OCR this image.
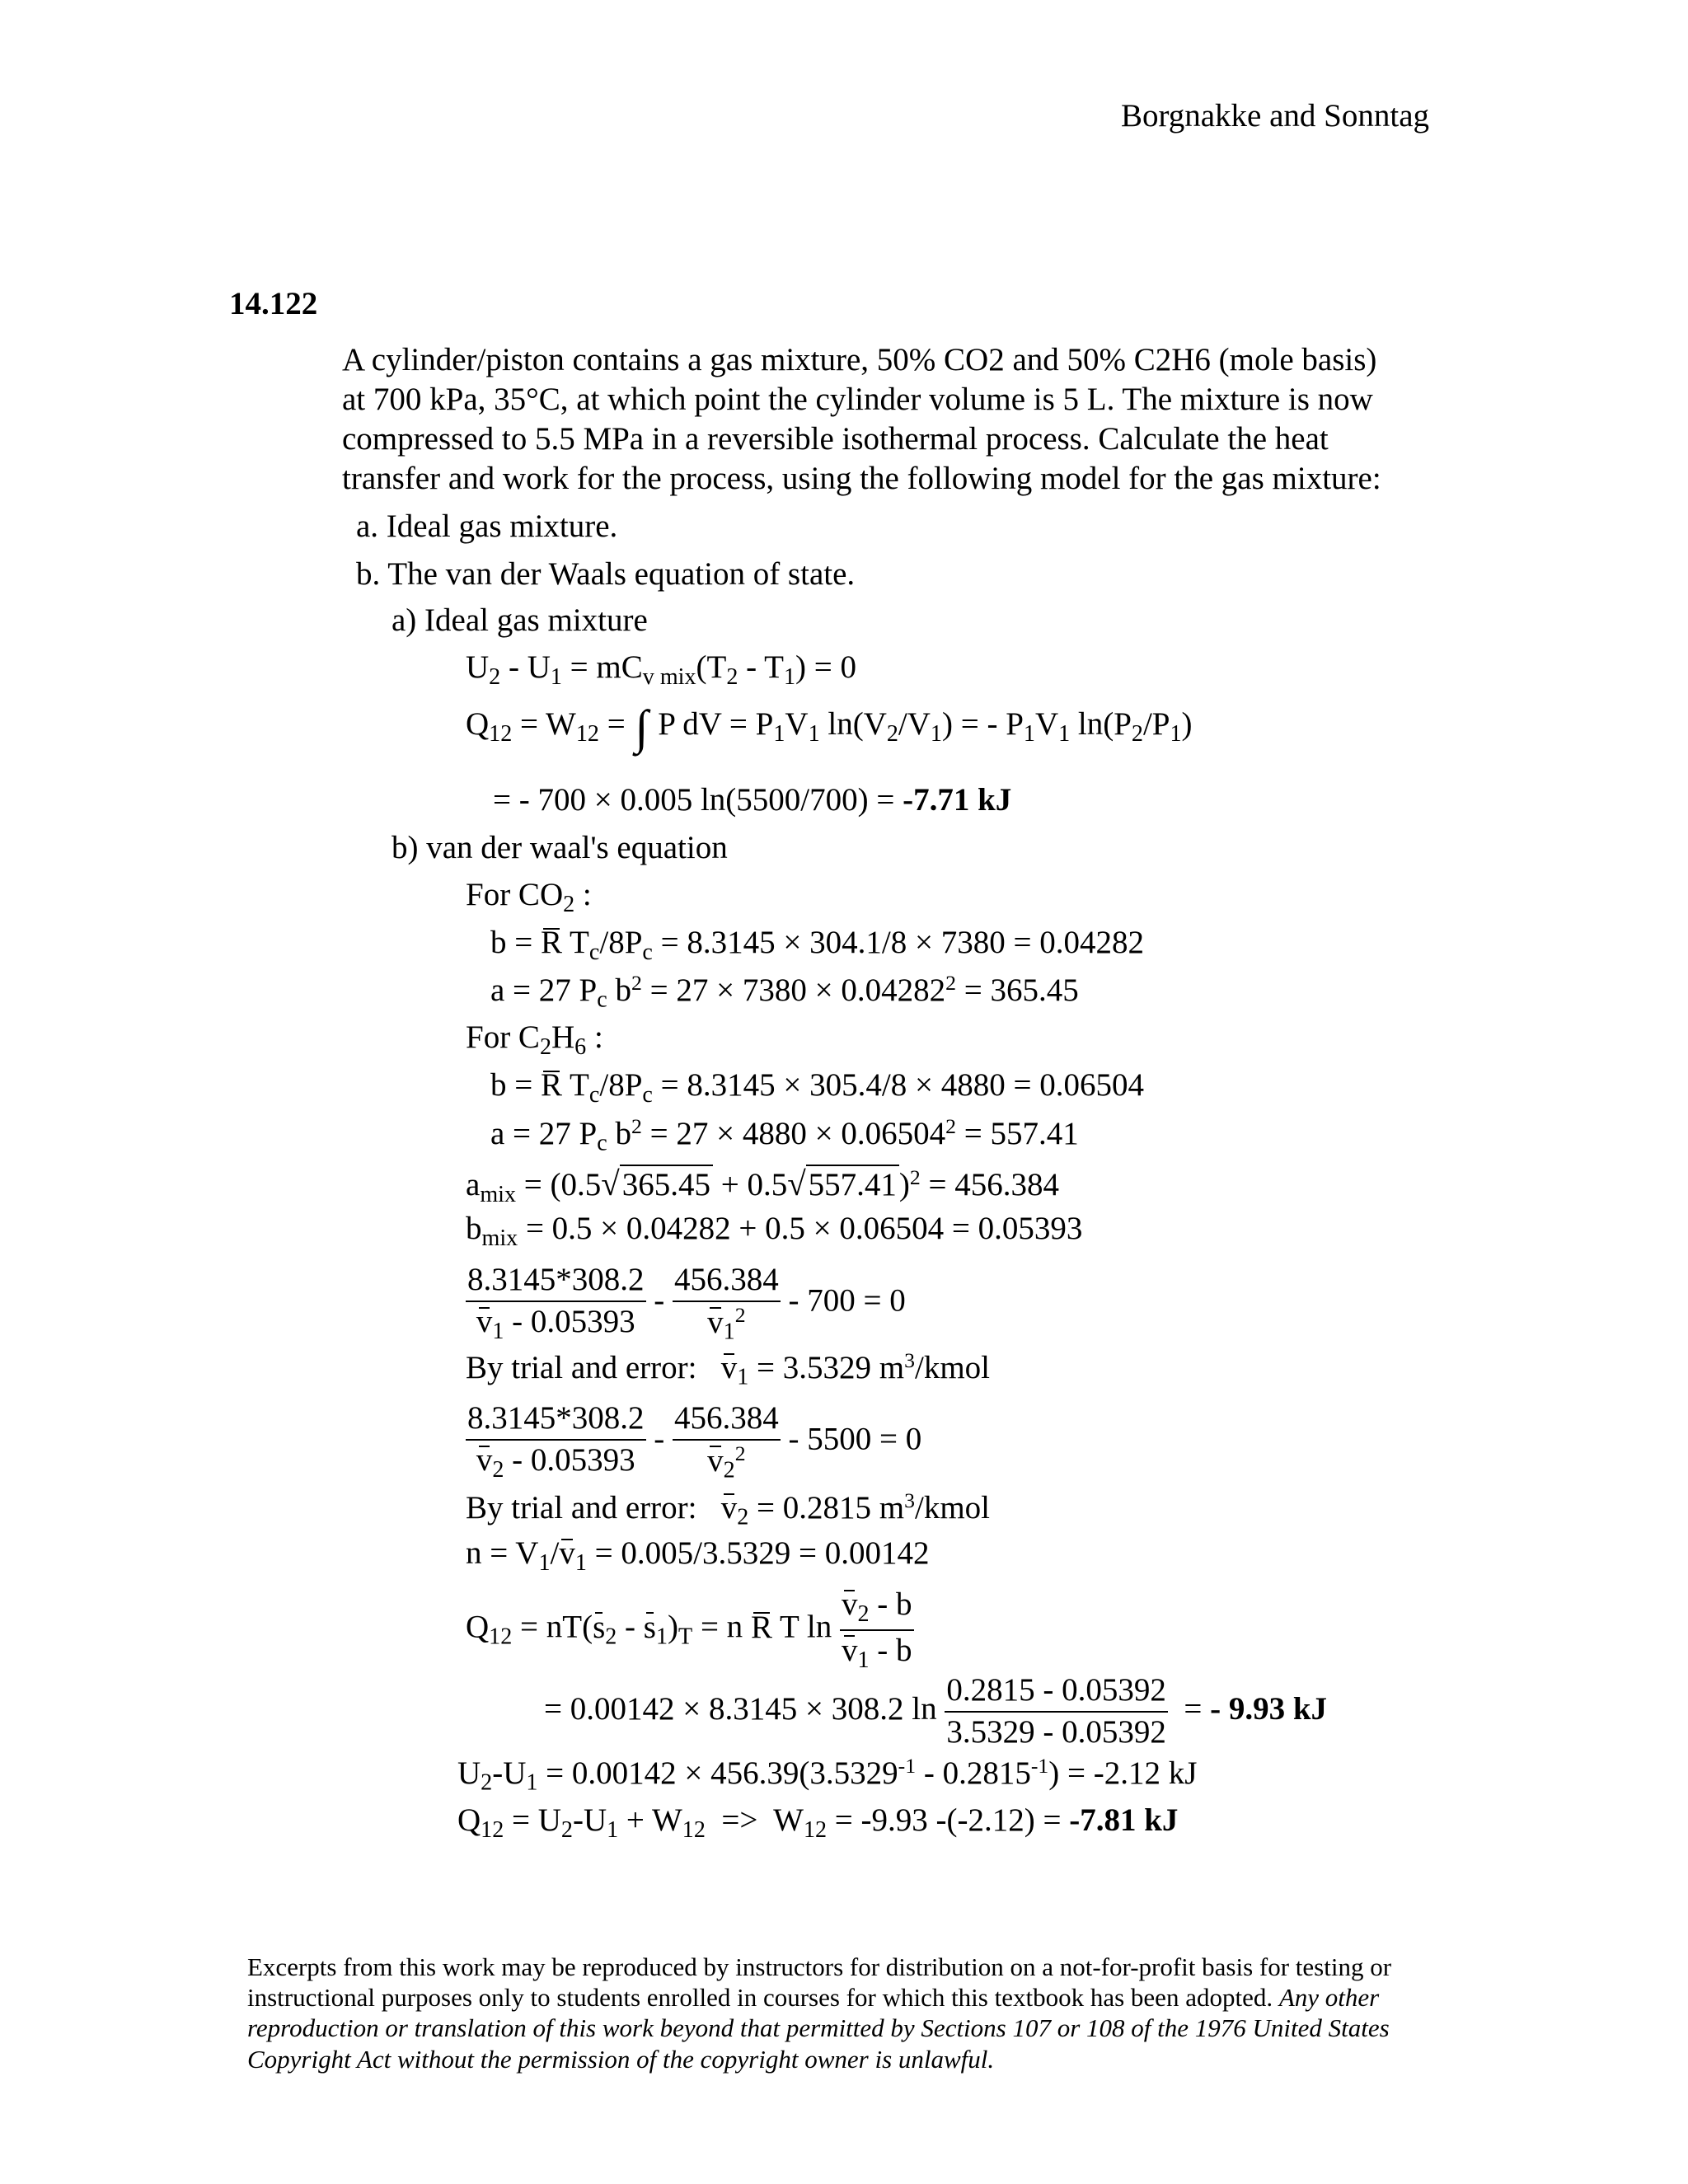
Borgnakke and Sonntag
14.122
A cylinder/piston contains a gas mixture, 50% CO2 and 50% C2H6 (mole basis)
at 700 kPa, 35°C, at which point the cylinder volume is 5 L. The mixture is now
compressed to 5.5 MPa in a reversible isothermal process. Calculate the heat
transfer and work for the process, using the following model for the gas mixture:
a. Ideal gas mixture.
b. The van der Waals equation of state.
a) Ideal gas mixture
$U_2 - U_1 = mC_{v mix}(T_2 - T_1) = 0$
$Q_{12} = W_{12}$ = ∫ P dV = $P_1V_1$ $\ln(V_2/V_1)$ = - $P_1V_1$ $\ln(P_2/P_1)$
= - 700 × 0.005 ln(5500/700) = -7.71 kJ
b) van der waal's equation
For $CO_2$ :
b = R $T_c/8P_c = 8.3145 \times 304.1/8 \times 7380 = 0.04282$
a = 27 $P_c$ $b^2 = 27 \times 7380 \times 0.04282^2 = 365.45$
For $C_2H_6$ :
b = R $T_c/8P_c = 8.3145 \times 305.4/8 \times 4880 = 0.06504$
a = 27 $P_c$ $b^2 = 27 \times 4880 \times 0.06504^2 = 557.41$
$a_{mix} = (0.5√365.45 + 0.5√557.41)^2 = 456.384$
$b_{mix} = 0.5 \times 0.04282 + 0.5 \times 0.06504 = 0.05393$
$\frac{8.3145*308.2}{v_1 - 0.05393} - \frac{456.384}{v_1^2} - 700 = 0$
By trial and error: $v_1 = 3.5329$ $m^3$/kmol
$\frac{8.3145*308.2}{v_2 - 0.05393} - \frac{456.384}{v_2^2} - 5500 = 0$
By trial and error: $v_2 = 0.2815$ $m^3$/kmol
$n = V_1/v_1 = 0.005/3.5329 = 0.00142$
$Q_{12} = nT(s_2 - s_1)_T = n$ R T $\ln \frac{v_2 - b}{v_1 - b}$
= 0.00142 × 8.3145 × 308.2 $\ln \frac{0.2815 - 0.05392}{3.5329 - 0.05392}$ = - 9.93 kJ
$U_2-U_1 = 0.00142 \times 456.39(3.5329^{-1} - 0.2815^{-1}) = -2.12$ kJ
$Q_{12} = U_2-U_1 + W_{12} => W_{12} = -9.93$ -(-2.12) = -7.81 kJ
Excerpts from this work may be reproduced by instructors for distribution on a not-for-profit basis for testing or instructional purposes only to students enrolled in courses for which this textbook has been adopted. Any other reproduction or translation of this work beyond that permitted by Sections 107 or 108 of the 1976 United States Copyright Act without the permission of the copyright owner is unlawful.
